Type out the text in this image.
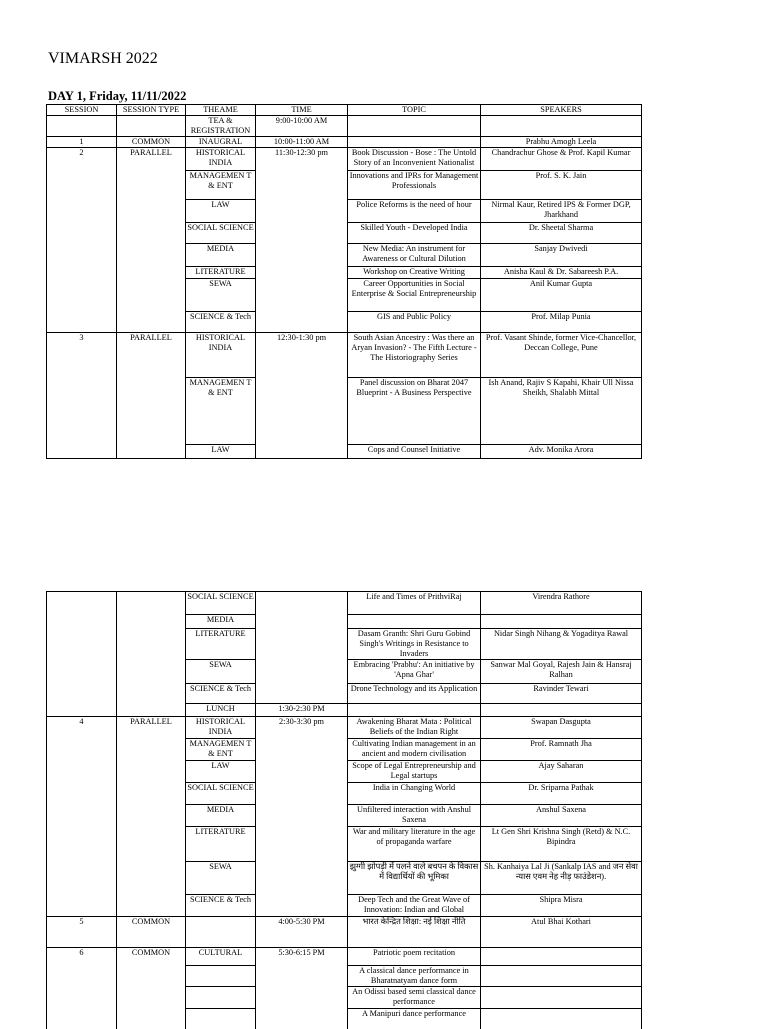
VIMARSH 2022
DAY 1, Friday, 11/11/2022
SESSION	SESSION TYPE	THEAME	TIME	TOPIC	SPEAKERS
		TEA & REGISTRATION	9:00-10:00 AM		
1	COMMON	INAUGRAL	10:00-11:00 AM		Prabhu Amogh Leela
2	PARALLEL	HISTORICAL INDIA	11:30-12:30 pm	Book Discussion - Bose : The Untold Story of an Inconvenient Nationalist	Chandrachur Ghose & Prof. Kapil Kumar
		MANAGEMEN T & ENT		Innovations and IPRs for Management Professionals	Prof. S. K. Jain
		LAW		Police Reforms is the need of hour	Nirmal Kaur, Retired IPS & Former DGP, Jharkhand
		SOCIAL SCIENCE		Skilled Youth - Developed India	Dr. Sheetal Sharma
		MEDIA		New Media: An instrument for Awareness or Cultural Dilution	Sanjay Dwivedi
		LITERATURE		Workshop on Creative Writing	Anisha Kaul & Dr. Sabareesh P.A.
		SEWA		Career Opportunities in Social Enterprise & Social Entrepreneurship	Anil Kumar Gupta
		SCIENCE & Tech		GIS and Public Policy	Prof. Milap Punia
3	PARALLEL	HISTORICAL INDIA	12:30-1:30 pm	South Asian Ancestry : Was there an Aryan Invasion? - The Fifth Lecture - The Historiography Series	Prof. Vasant Shinde, former Vice-Chancellor, Deccan College, Pune
		MANAGEMEN T & ENT		Panel discussion on Bharat 2047 Blueprint - A Business Perspective	Ish Anand, Rajiv S Kapahi, Khair Ull Nissa Sheikh, Shalabh Mittal
		LAW		Cops and Counsel Initiative	Adv. Monika Arora
		SOCIAL SCIENCE		Life and Times of PrithviRaj	Virendra Rathore
		MEDIA			
		LITERATURE		Dasam Granth: Shri Guru Gobind Singh's Writings in Resistance to Invaders	Nidar Singh Nihang & Yogaditya Rawal
		SEWA		Embracing 'Prabhu': An initiative by 'Apna Ghar'	Sanwar Mal Goyal, Rajesh Jain & Hansraj Ralhan
		SCIENCE & Tech		Drone Technology and its Application	Ravinder Tewari
		LUNCH	1:30-2:30 PM		
4	PARALLEL	HISTORICAL INDIA	2:30-3:30 pm	Awakening Bharat Mata : Political Beliefs of the Indian Right	Swapan Dasgupta
		MANAGEMEN T & ENT		Cultivating Indian management in an ancient and modern civilisation	Prof. Ramnath Jha
		LAW		Scope of Legal Entrepreneurship and Legal startups	Ajay Saharan
		SOCIAL SCIENCE		India in Changing World	Dr. Sriparna Pathak
		MEDIA		Unfiltered interaction with Anshul Saxena	Anshul Saxena
		LITERATURE		War and military literature in the age of propaganda warfare	Lt Gen Shri Krishna Singh (Retd) & N.C. Bipindra
		SEWA		झुग्गी झोपड़ी में पलने वाले बचपन के विकास में विद्यार्थियों की भूमिका	Sh. Kanhaiya Lal Ji (Sankalp IAS and जन सेवा न्यास एवम नेह नीड़ फाउंडेशन).
		SCIENCE & Tech		Deep Tech and the Great Wave of Innovation: Indian and Global	Shipra Misra
5	COMMON		4:00-5:30 PM	भारत केन्द्रित शिक्षा: नई शिक्षा नीति	Atul Bhai Kothari
6	COMMON	CULTURAL	5:30-6:15 PM	Patriotic poem recitation	
				A classical dance performance in Bharatnatyam dance form	
				An Odissi based semi classical dance performance	
				A Manipuri dance performance	
